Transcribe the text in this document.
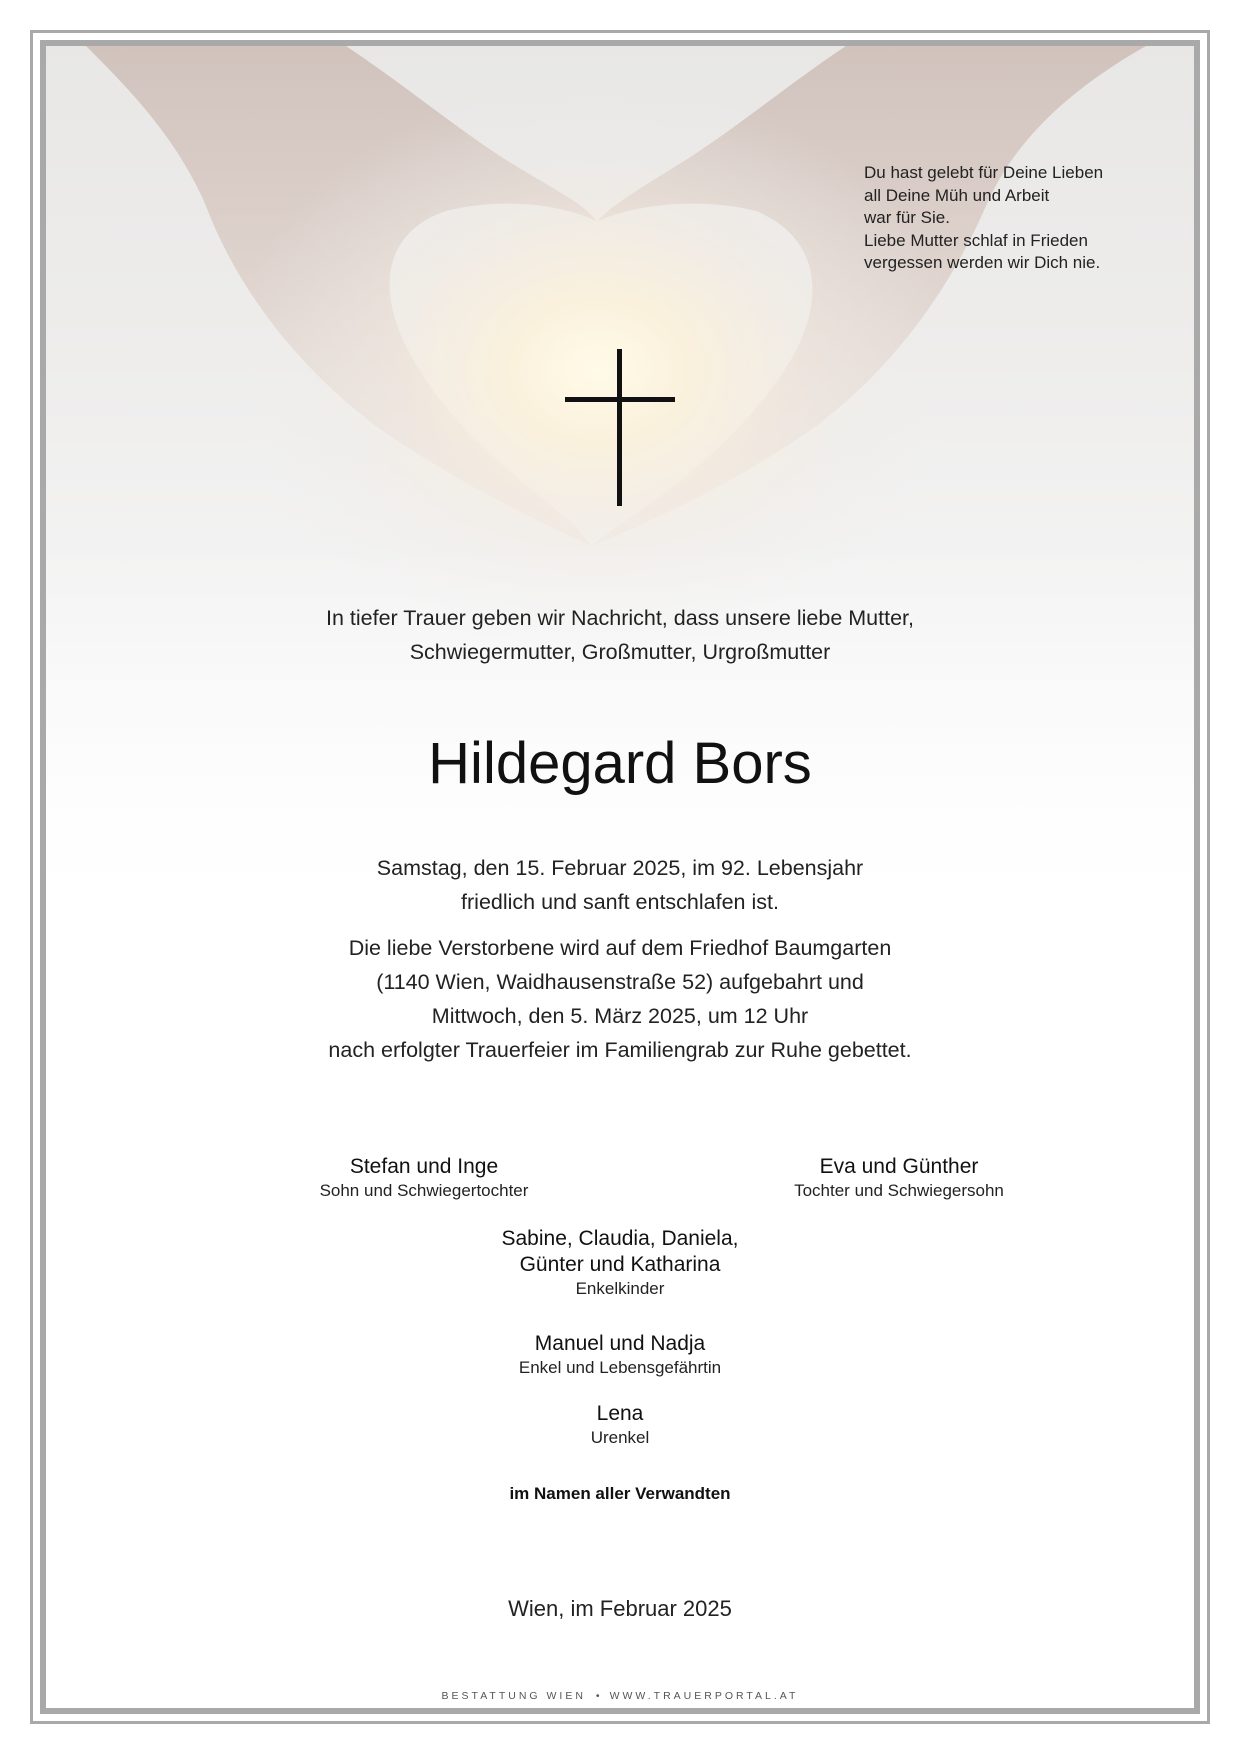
Du hast gelebt für Deine Lieben
all Deine Müh und Arbeit
war für Sie.
Liebe Mutter schlaf in Frieden
vergessen werden wir Dich nie.
In tiefer Trauer geben wir Nachricht, dass unsere liebe Mutter,
Schwiegermutter, Großmutter, Urgroßmutter
Hildegard Bors
Samstag, den 15. Februar 2025, im 92. Lebensjahr
friedlich und sanft entschlafen ist.
Die liebe Verstorbene wird auf dem Friedhof Baumgarten
(1140 Wien, Waidhausenstraße 52) aufgebahrt und
Mittwoch, den 5. März 2025, um 12 Uhr
nach erfolgter Trauerfeier im Familiengrab zur Ruhe gebettet.
Stefan und Inge
Sohn und Schwiegertochter
Eva und Günther
Tochter und Schwiegersohn
Sabine, Claudia, Daniela,
Günter und Katharina
Enkelkinder
Manuel und Nadja
Enkel und Lebensgefährtin
Lena
Urenkel
im Namen aller Verwandten
Wien, im Februar 2025
BESTATTUNG WIEN • WWW.TRAUERPORTAL.AT
